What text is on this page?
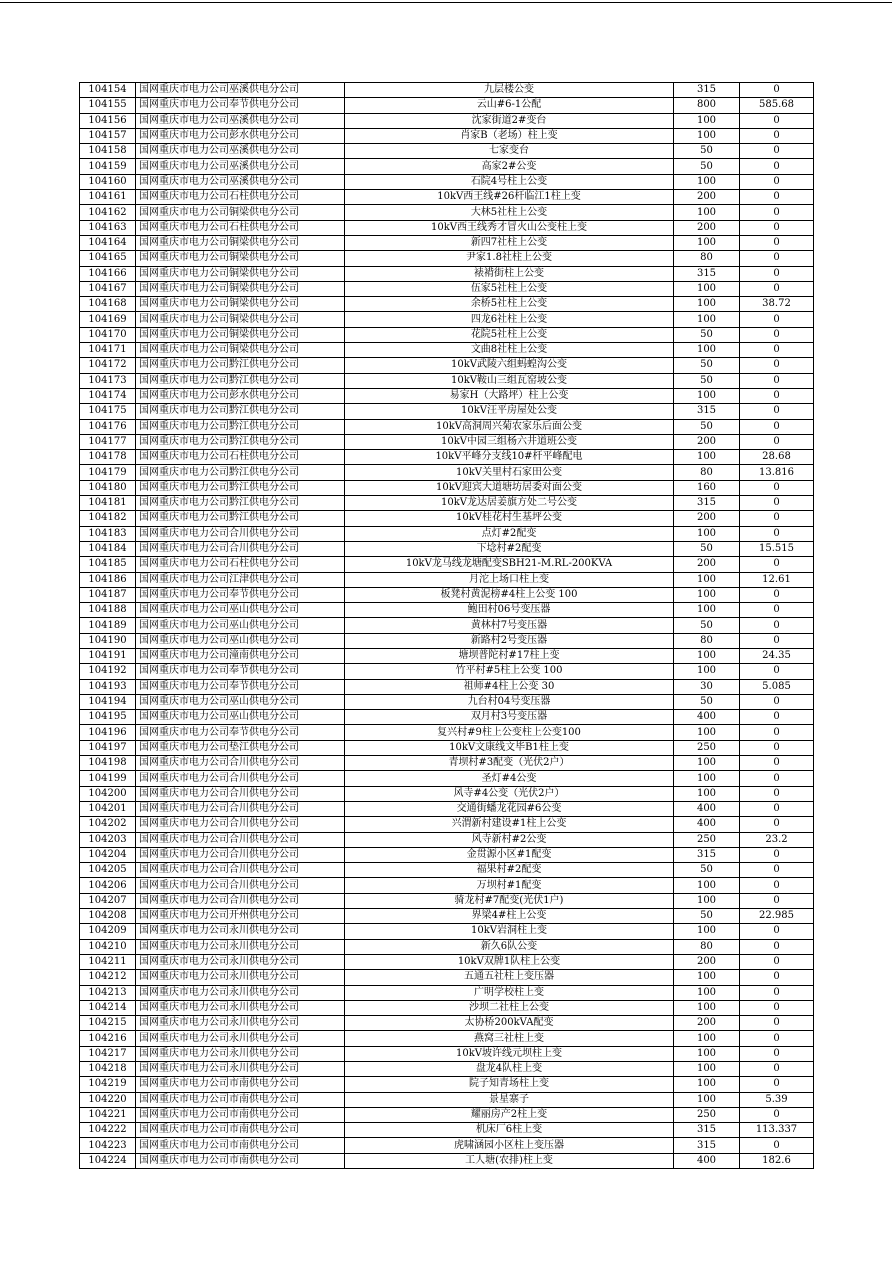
104154	国网重庆市电力公司巫溪供电分公司	九层楼公变	315	0
104155	国网重庆市电力公司奉节供电分公司	云山#6-1公配	800	585.68
104156	国网重庆市电力公司巫溪供电分公司	沈家街道2#变台	100	0
104157	国网重庆市电力公司彭水供电分公司	肖家B（老场）柱上变	100	0
104158	国网重庆市电力公司巫溪供电分公司	七家变台	50	0
104159	国网重庆市电力公司巫溪供电分公司	高家2#公变	50	0
104160	国网重庆市电力公司巫溪供电分公司	石院4号柱上公变	100	0
104161	国网重庆市电力公司石柱供电分公司	10kV西王线#26杆临江1柱上变	200	0
104162	国网重庆市电力公司铜梁供电分公司	大林5社柱上公变	100	0
104163	国网重庆市电力公司石柱供电分公司	10kV西王线秀才冒火山公变柱上变	200	0
104164	国网重庆市电力公司铜梁供电分公司	新四7社柱上公变	100	0
104165	国网重庆市电力公司铜梁供电分公司	尹家1.8社柱上公变	80	0
104166	国网重庆市电力公司铜梁供电分公司	裱褙街柱上公变	315	0
104167	国网重庆市电力公司铜梁供电分公司	伍家5社柱上公变	100	0
104168	国网重庆市电力公司铜梁供电分公司	余桥5社柱上公变	100	38.72
104169	国网重庆市电力公司铜梁供电分公司	四龙6社柱上公变	100	0
104170	国网重庆市电力公司铜梁供电分公司	花院5社柱上公变	50	0
104171	国网重庆市电力公司铜梁供电分公司	文曲8社柱上公变	100	0
104172	国网重庆市电力公司黔江供电分公司	10kV武陵六组蚂蝗沟公变	50	0
104173	国网重庆市电力公司黔江供电分公司	10kV鞍山三组瓦窑坡公变	50	0
104174	国网重庆市电力公司彭水供电分公司	易家H（大路坪）柱上公变	100	0
104175	国网重庆市电力公司黔江供电分公司	10kV汪平房屋处公变	315	0
104176	国网重庆市电力公司黔江供电分公司	10kV高洞周兴菊农家乐后面公变	50	0
104177	国网重庆市电力公司黔江供电分公司	10kV中园三组杨六井道班公变	200	0
104178	国网重庆市电力公司石柱供电分公司	10kV平峰分支线10#杆平峰配电	100	28.68
104179	国网重庆市电力公司黔江供电分公司	10kV关里村石家田公变	80	13.816
104180	国网重庆市电力公司黔江供电分公司	10kV迎宾大道塘坊居委对面公变	160	0
104181	国网重庆市电力公司黔江供电分公司	10kV龙达居姜旗方处二号公变	315	0
104182	国网重庆市电力公司黔江供电分公司	10kV桂花村生基坪公变	200	0
104183	国网重庆市电力公司合川供电分公司	点灯#2配变	100	0
104184	国网重庆市电力公司合川供电分公司	下埝村#2配变	50	15.515
104185	国网重庆市电力公司石柱供电分公司	10kV龙马线龙塘配变SBH21-M.RL-200KVA	200	0
104186	国网重庆市电力公司江津供电分公司	月沱上场口柱上变	100	12.61
104187	国网重庆市电力公司奉节供电分公司	板凳村黄泥榜#4柱上公变 100	100	0
104188	国网重庆市电力公司巫山供电分公司	鲍田村06号变压器	100	0
104189	国网重庆市电力公司巫山供电分公司	黄林村7号变压器	50	0
104190	国网重庆市电力公司巫山供电分公司	新路村2号变压器	80	0
104191	国网重庆市电力公司潼南供电分公司	塘坝普陀村#17柱上变	100	24.35
104192	国网重庆市电力公司奉节供电分公司	竹平村#5柱上公变 100	100	0
104193	国网重庆市电力公司奉节供电分公司	祖师#4柱上公变 30	30	5.085
104194	国网重庆市电力公司巫山供电分公司	九台村04号变压器	50	0
104195	国网重庆市电力公司巫山供电分公司	双月村3号变压器	400	0
104196	国网重庆市电力公司奉节供电分公司	复兴村#9柱上公变柱上公变100	100	0
104197	国网重庆市电力公司垫江供电分公司	10kV文康线文毕B1柱上变	250	0
104198	国网重庆市电力公司合川供电分公司	青坝村#3配变（光伏2户）	100	0
104199	国网重庆市电力公司合川供电分公司	圣灯#4公变	100	0
104200	国网重庆市电力公司合川供电分公司	风寺#4公变（光伏2户）	100	0
104201	国网重庆市电力公司合川供电分公司	交通街蟠龙花园#6公变	400	0
104202	国网重庆市电力公司合川供电分公司	兴渭新村建设#1柱上公变	400	0
104203	国网重庆市电力公司合川供电分公司	风寺新村#2公变	250	23.2
104204	国网重庆市电力公司合川供电分公司	金贯源小区#1配变	315	0
104205	国网重庆市电力公司合川供电分公司	福果村#2配变	50	0
104206	国网重庆市电力公司合川供电分公司	万坝村#1配变	100	0
104207	国网重庆市电力公司合川供电分公司	骑龙村#7配变(光伏1户)	100	0
104208	国网重庆市电力公司开州供电分公司	界梁4#柱上公变	50	22.985
104209	国网重庆市电力公司永川供电分公司	10kV岩洞柱上变	100	0
104210	国网重庆市电力公司永川供电分公司	新久6队公变	80	0
104211	国网重庆市电力公司永川供电分公司	10kV双牌1队柱上公变	200	0
104212	国网重庆市电力公司永川供电分公司	五通五社柱上变压器	100	0
104213	国网重庆市电力公司永川供电分公司	广明学校柱上变	100	0
104214	国网重庆市电力公司永川供电分公司	沙坝二社柱上公变	100	0
104215	国网重庆市电力公司永川供电分公司	太协桥200kVA配变	200	0
104216	国网重庆市电力公司永川供电分公司	燕窝三社柱上变	100	0
104217	国网重庆市电力公司永川供电分公司	10kV坡许线元坝柱上变	100	0
104218	国网重庆市电力公司永川供电分公司	盘龙4队柱上变	100	0
104219	国网重庆市电力公司市南供电分公司	院子知青场柱上变	100	0
104220	国网重庆市电力公司市南供电分公司	景星寨子	100	5.39
104221	国网重庆市电力公司市南供电分公司	耀丽房产2柱上变	250	0
104222	国网重庆市电力公司市南供电分公司	机床厂6柱上变	315	113.337
104223	国网重庆市电力公司市南供电分公司	虎啸涵园小区柱上变压器	315	0
104224	国网重庆市电力公司市南供电分公司	工人塘(农排)柱上变	400	182.6
